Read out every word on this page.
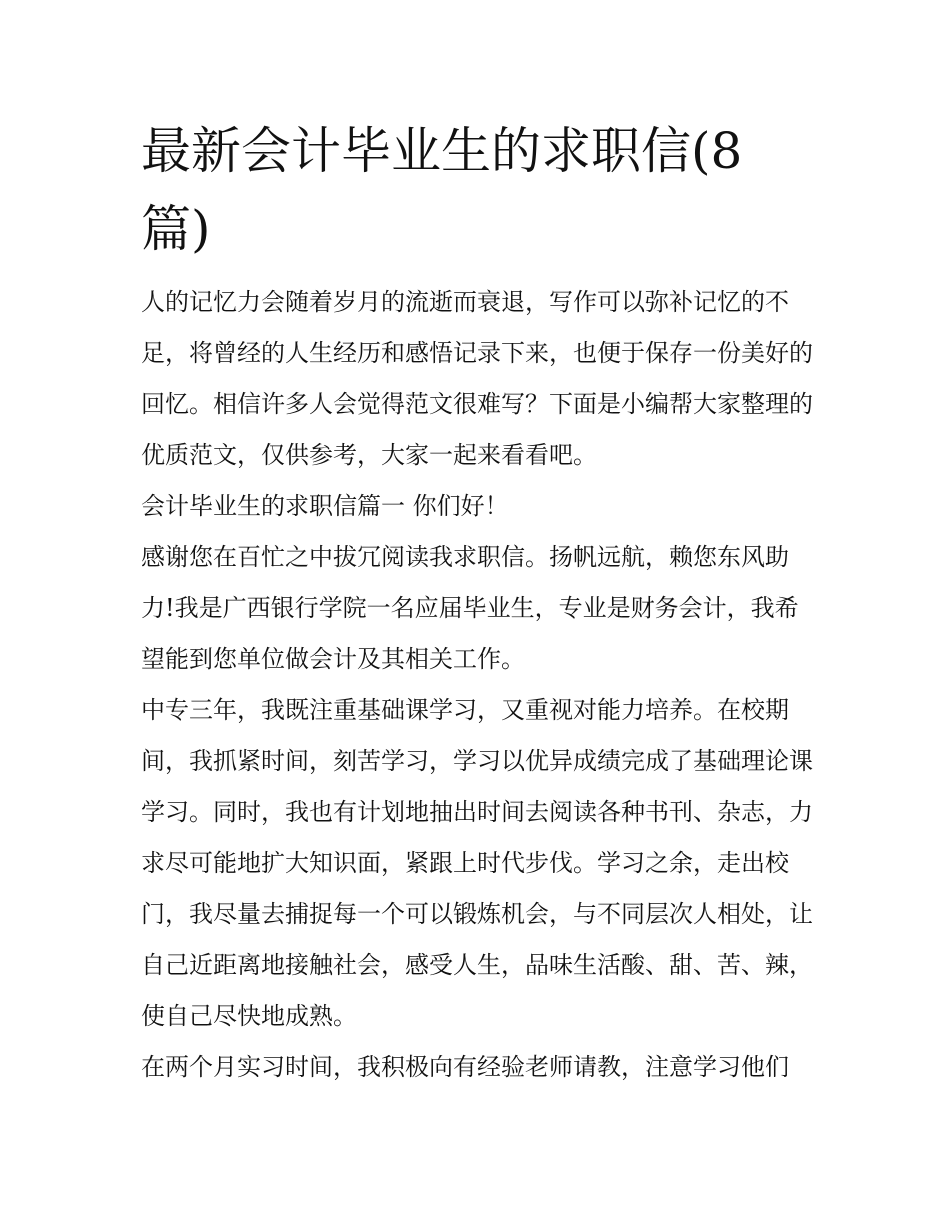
最新会计毕业生的求职信(8篇)

人的记忆力会随着岁月的流逝而衰退，写作可以弥补记忆的不足，将曾经的人生经历和感悟记录下来，也便于保存一份美好的回忆。相信许多人会觉得范文很难写？下面是小编帮大家整理的优质范文，仅供参考，大家一起来看看吧。

会计毕业生的求职信篇一 你们好！

感谢您在百忙之中拔冗阅读我求职信。扬帆远航，赖您东风助力!我是广西银行学院一名应届毕业生，专业是财务会计，我希望能到您单位做会计及其相关工作。

中专三年，我既注重基础课学习，又重视对能力培养。在校期间，我抓紧时间，刻苦学习，学习以优异成绩完成了基础理论课学习。同时，我也有计划地抽出时间去阅读各种书刊、杂志，力求尽可能地扩大知识面，紧跟上时代步伐。学习之余，走出校门，我尽量去捕捉每一个可以锻炼机会，与不同层次人相处，让自己近距离地接触社会，感受人生，品味生活酸、甜、苦、辣，使自己尽快地成熟。

在两个月实习时间，我积极向有经验老师请教，注意学习他们
